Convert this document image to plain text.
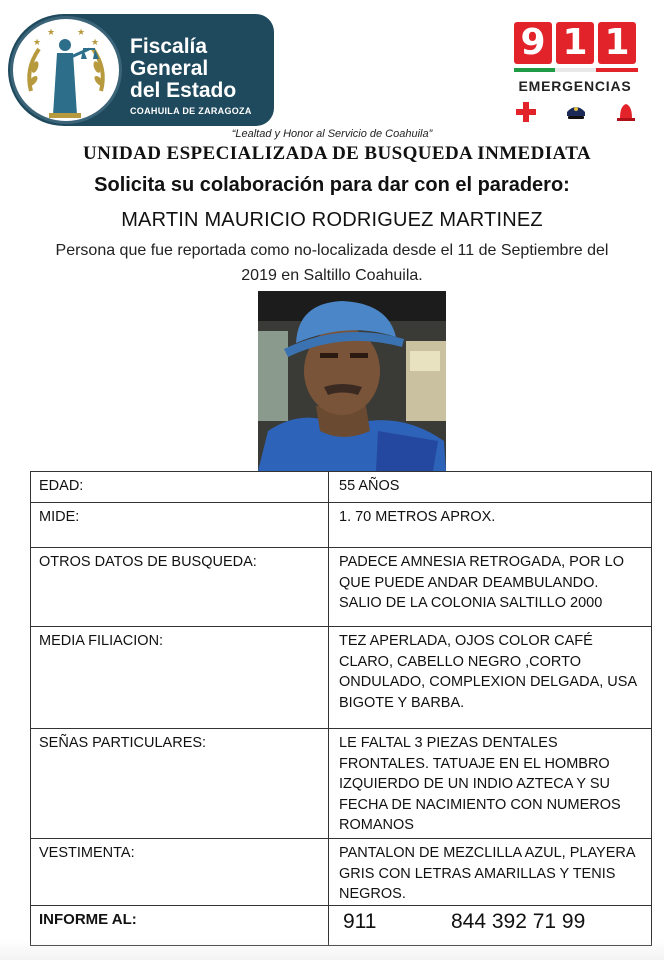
★
★ ★
★ Fiscalía
General
del Estado
COAHUILA DE ZARAGOZA
9 1 1
EMERGENCIAS
“Lealtad y Honor al Servicio de Coahuila”
UNIDAD ESPECIALIZADA DE BUSQUEDA INMEDIATA
Solicita su colaboración para dar con el paradero:
MARTIN MAURICIO RODRIGUEZ MARTINEZ
Persona que fue reportada como no-localizada desde el 11 de Septiembre del 2019 en Saltillo Coahuila.
EDAD:	55 AÑOS
MIDE:	1. 70 METROS APROX.
OTROS DATOS DE BUSQUEDA:	PADECE AMNESIA RETROGADA, POR LO QUE PUEDE ANDAR DEAMBULANDO. SALIO DE LA COLONIA SALTILLO 2000
MEDIA FILIACION:	TEZ APERLADA, OJOS COLOR CAFÉ CLARO, CABELLO NEGRO ,CORTO ONDULADO, COMPLEXION DELGADA, USA BIGOTE Y BARBA.
SEÑAS PARTICULARES:	LE FALTAL 3 PIEZAS DENTALES FRONTALES. TATUAJE EN EL HOMBRO IZQUIERDO DE UN INDIO AZTECA Y SU FECHA DE NACIMIENTO CON NUMEROS ROMANOS
VESTIMENTA:	PANTALON DE MEZCLILLA AZUL, PLAYERA GRIS CON LETRAS AMARILLAS Y TENIS NEGROS.
INFORME AL:	911 844 392 71 99
